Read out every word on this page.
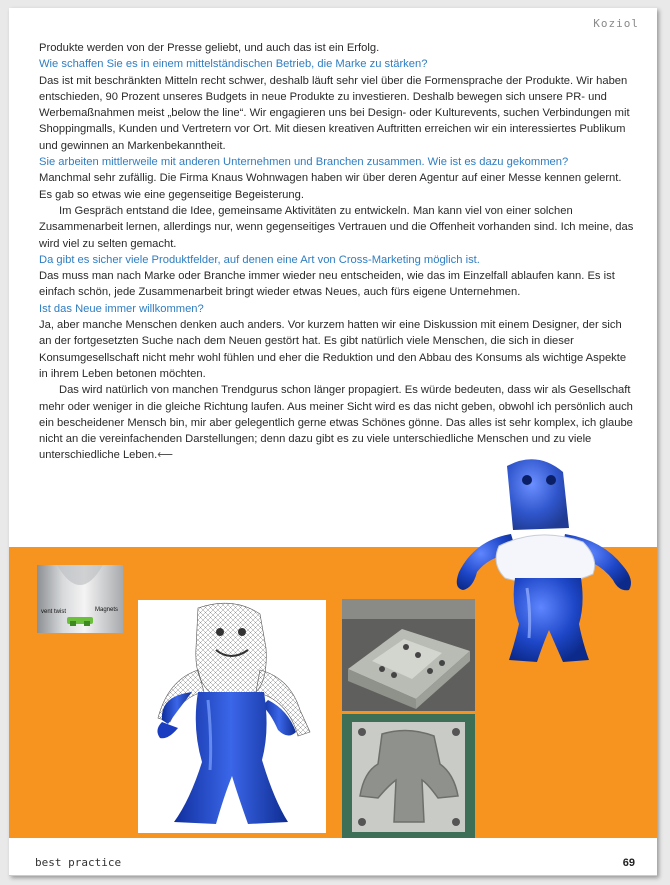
Koziol

Produkte werden von der Presse geliebt, und auch das ist ein Erfolg.

Wie schaffen Sie es in einem mittelständischen Betrieb, die Marke zu stärken?

Das ist mit beschränkten Mitteln recht schwer, deshalb läuft sehr viel über die Formensprache der Produkte. Wir haben entschieden, 90 Prozent unseres Budgets in neue Produkte zu investieren. Deshalb bewegen sich unsere PR- und Werbemaßnahmen meist „below the line“. Wir engagieren uns bei Design- oder Kulturevents, suchen Verbindungen mit Shoppingmalls, Kunden und Vertretern vor Ort. Mit diesen kreativen Auftritten erreichen wir ein interessiertes Publikum und gewinnen an Markenbekanntheit.

Sie arbeiten mittlerweile mit anderen Unternehmen und Branchen zusammen. Wie ist es dazu gekommen?

Manchmal sehr zufällig. Die Firma Knaus Wohnwagen haben wir über deren Agentur auf einer Messe kennen gelernt. Es gab so etwas wie eine gegenseitige Begeisterung.

Im Gespräch entstand die Idee, gemeinsame Aktivitäten zu entwickeln. Man kann viel von einer solchen Zusammenarbeit lernen, allerdings nur, wenn gegenseitiges Vertrauen und die Offenheit vorhanden sind. Ich meine, das wird viel zu selten gemacht.

Da gibt es sicher viele Produktfelder, auf denen eine Art von Cross-Marketing möglich ist.

Das muss man nach Marke oder Branche immer wieder neu entscheiden, wie das im Einzelfall ablaufen kann. Es ist einfach schön, jede Zusammenarbeit bringt wieder etwas Neues, auch fürs eigene Unternehmen.

Ist das Neue immer willkommen?

Ja, aber manche Menschen denken auch anders. Vor kurzem hatten wir eine Diskussion mit einem Designer, der sich an der fortgesetzten Suche nach dem Neuen gestört hat. Es gibt natürlich viele Menschen, die sich in dieser Konsumgesellschaft nicht mehr wohl fühlen und eher die Reduktion und den Abbau des Konsums als wichtige Aspekte in ihrem Leben betonen möchten.

Das wird natürlich von manchen Trendgurus schon länger propagiert. Es würde bedeuten, dass wir als Gesellschaft mehr oder weniger in die gleiche Richtung laufen. Aus meiner Sicht wird es das nicht geben, obwohl ich persönlich auch ein bescheidener Mensch bin, mir aber gelegentlich gerne etwas Schönes gönne. Das alles ist sehr komplex, ich glaube nicht an die vereinfachenden Darstellungen; denn dazu gibt es zu viele unterschiedliche Menschen und zu viele unterschiedliche Leben.⟵

vent twist	Magnets
best practice	69
